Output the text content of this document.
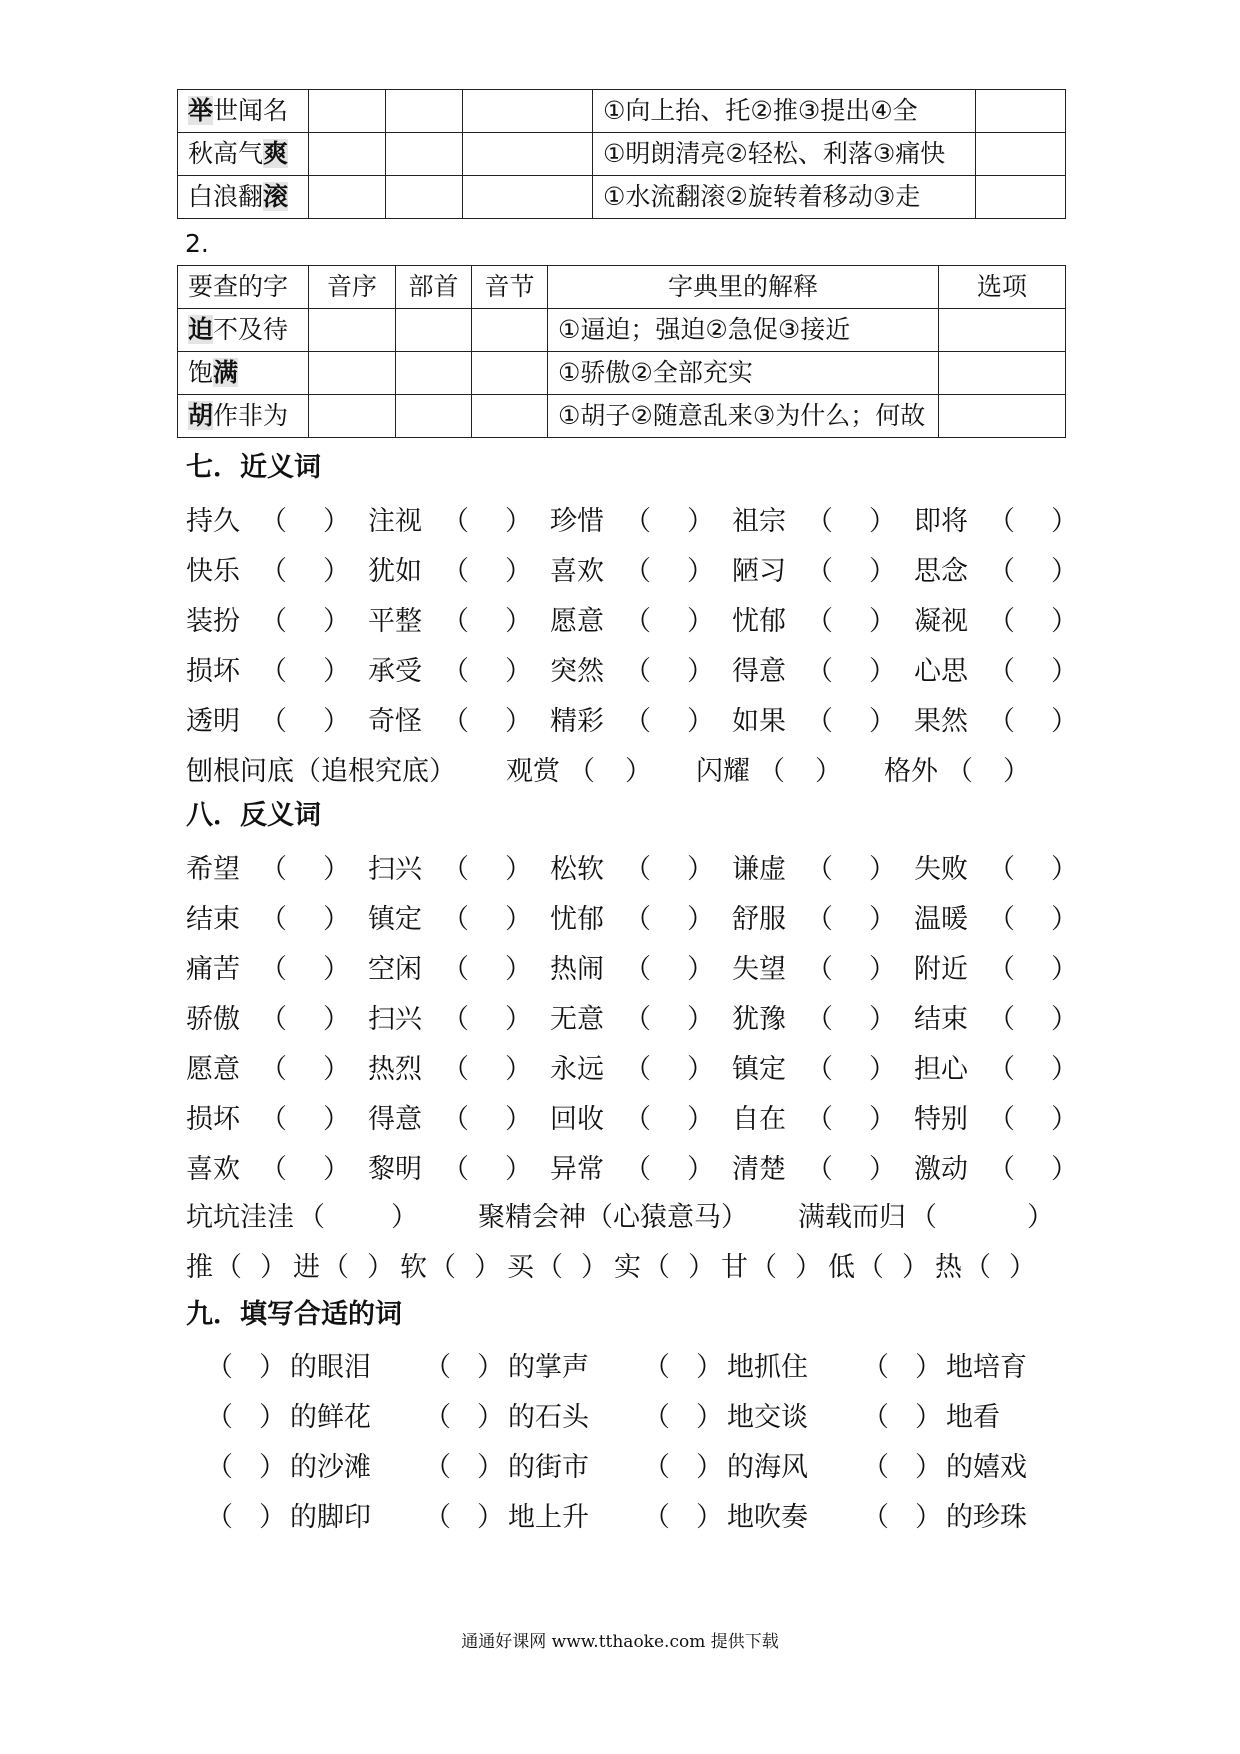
举世闻名				①向上抬、托②推③提出④全	
秋高气爽				①明朗清亮②轻松、利落③痛快	
白浪翻滚				①水流翻滚②旋转着移动③走	
2.
要查的字	音序	部首	音节	字典里的解释	选项
迫不及待				①逼迫；强迫②急促③接近	
饱满				①骄傲②全部充实	
胡作非为				①胡子②随意乱来③为什么；何故	
七．近义词
持久 （ ） 注视 （ ） 珍惜 （ ） 祖宗 （ ） 即将 （ ）
快乐 （ ） 犹如 （ ） 喜欢 （ ） 陋习 （ ） 思念 （ ）
装扮 （ ） 平整 （ ） 愿意 （ ） 忧郁 （ ） 凝视 （ ）
损坏 （ ） 承受 （ ） 突然 （ ） 得意 （ ） 心思 （ ）
透明 （ ） 奇怪 （ ） 精彩 （ ） 如果 （ ） 果然 （ ）
刨根问底（追根究底） 观赏 （ ） 闪耀 （ ） 格外 （ ）
八．反义词
希望 （ ） 扫兴 （ ） 松软 （ ） 谦虚 （ ） 失败 （ ）
结束 （ ） 镇定 （ ） 忧郁 （ ） 舒服 （ ） 温暖 （ ）
痛苦 （ ） 空闲 （ ） 热闹 （ ） 失望 （ ） 附近 （ ）
骄傲 （ ） 扫兴 （ ） 无意 （ ） 犹豫 （ ） 结束 （ ）
愿意 （ ） 热烈 （ ） 永远 （ ） 镇定 （ ） 担心 （ ）
损坏 （ ） 得意 （ ） 回收 （ ） 自在 （ ） 特别 （ ）
喜欢 （ ） 黎明 （ ） 异常 （ ） 清楚 （ ） 激动 （ ）
坑坑洼洼 （ ） 聚精会神（心猿意马） 满载而归 （	）
推（ ） 进（ ） 软（ ） 买（ ） 实（ ） 甘（ ） 低（ ） 热（ ）
九．填写合适的词
（ ） 的眼泪 （ ） 的掌声 （ ） 地抓住 （ ） 地培育
（ ） 的鲜花 （ ） 的石头 （ ） 地交谈 （ ） 地看
（ ） 的沙滩 （ ） 的街市 （ ） 的海风 （ ） 的嬉戏
（ ） 的脚印 （ ） 地上升 （ ） 地吹奏 （ ） 的珍珠
通通好课网 www.tthaoke.com 提供下载
